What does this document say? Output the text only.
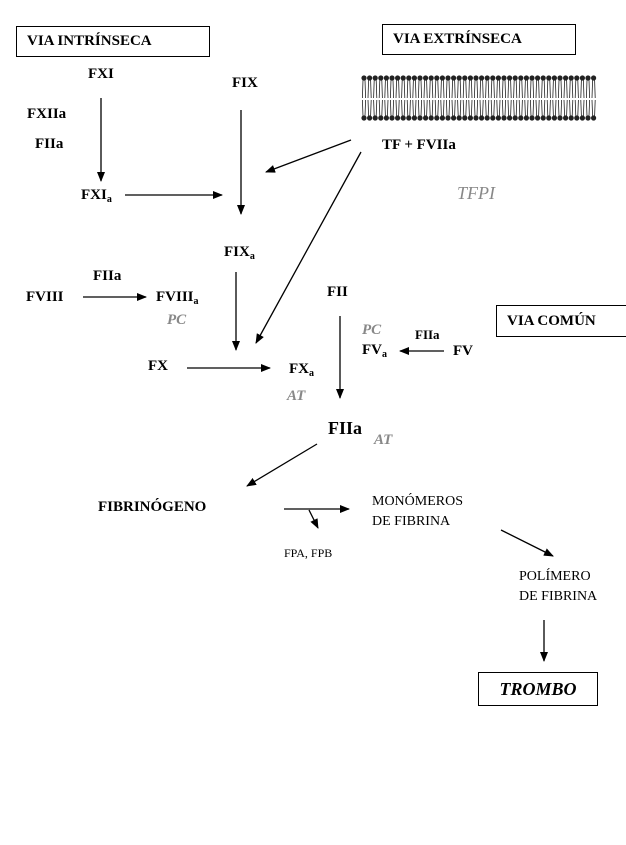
VIA INTRÍNSECA	VIA EXTRÍNSECA
VIA COMÚN
TROMBO
FXI
FXIIa
FIIa
$FXI_a$
FIX
$FIX_a$
TF + FVIIa
TFPI
FIIa
FVIII	$FVIII_a$
PC
FX	$FX_a$
AT
FII
PC	FIIa
$FV_a$	FV
FIIa
AT
FIBRINÓGENO	MONÓMEROS
DE FIBRINA
FPA, FPB
POLÍMERO
DE FIBRINA
